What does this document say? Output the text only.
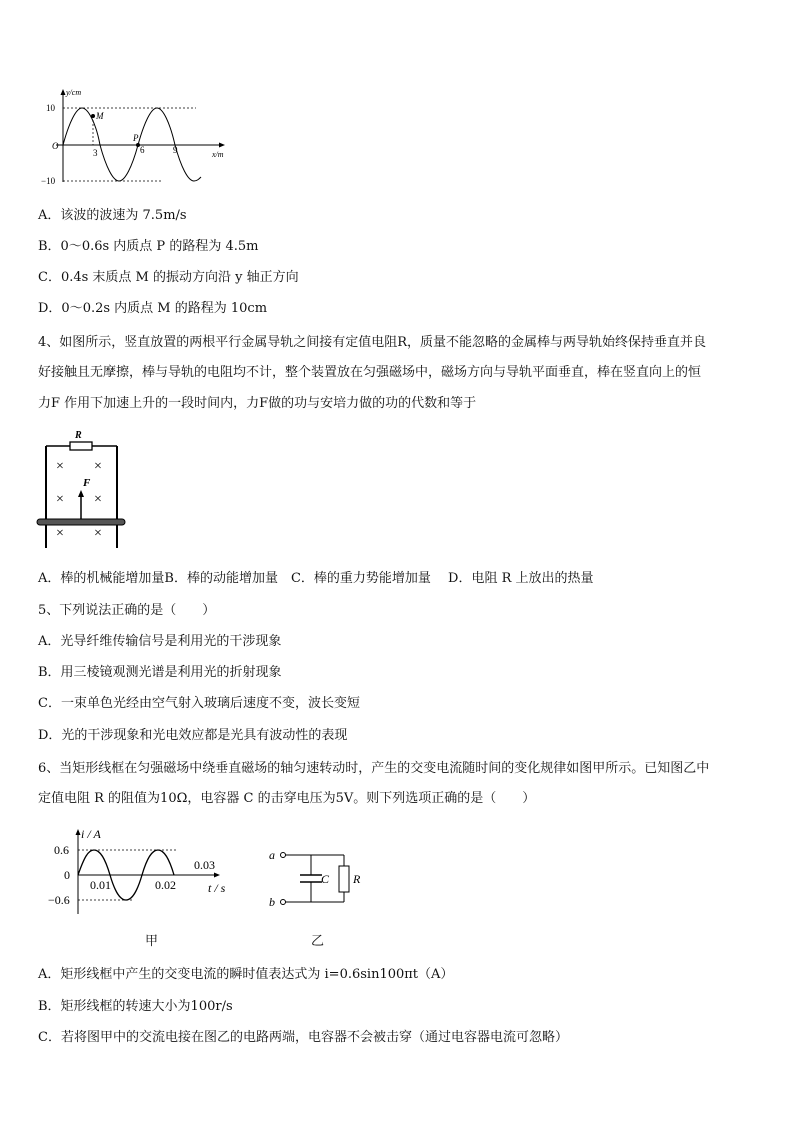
y/cm
10
−10
O
3	6	9	x/m
M
P
A．该波的波速为 7.5m/s
B．0～0.6s 内质点 P 的路程为 4.5m
C．0.4s 末质点 M 的振动方向沿 y 轴正方向
D．0～0.2s 内质点 M 的路程为 10cm
4、如图所示，竖直放置的两根平行金属导轨之间接有定值电阻R，质量不能忽略的金属棒与两导轨始终保持垂直并良
好接触且无摩擦，棒与导轨的电阻均不计，整个装置放在匀强磁场中，磁场方向与导轨平面垂直，棒在竖直向上的恒
力F 作用下加速上升的一段时间内，力F做的功与安培力做的功的代数和等于
R
× ×
× ×
× ×
F
A．棒的机械能增加量B．棒的动能增加量　C．棒的重力势能增加量　 D．电阻 R 上放出的热量
5、下列说法正确的是（　　）
A．光导纤维传输信号是利用光的干涉现象
B．用三棱镜观测光谱是利用光的折射现象
C．一束单色光经由空气射入玻璃后速度不变，波长变短
D．光的干涉现象和光电效应都是光具有波动性的表现
6、当矩形线框在匀强磁场中绕垂直磁场的轴匀速转动时，产生的交变电流随时间的变化规律如图甲所示。已知图乙中
定值电阻 R 的阻值为10Ω，电容器 C 的击穿电压为5V。则下列选项正确的是（　　）
i / A
0.6
0
−0.6
0.01	0.02
0.03
t / s
甲
a
b
C R
乙
A．矩形线框中产生的交变电流的瞬时值表达式为 i=0.6sin100πt（A）
B．矩形线框的转速大小为100r/s
C．若将图甲中的交流电接在图乙的电路两端，电容器不会被击穿（通过电容器电流可忽略）
